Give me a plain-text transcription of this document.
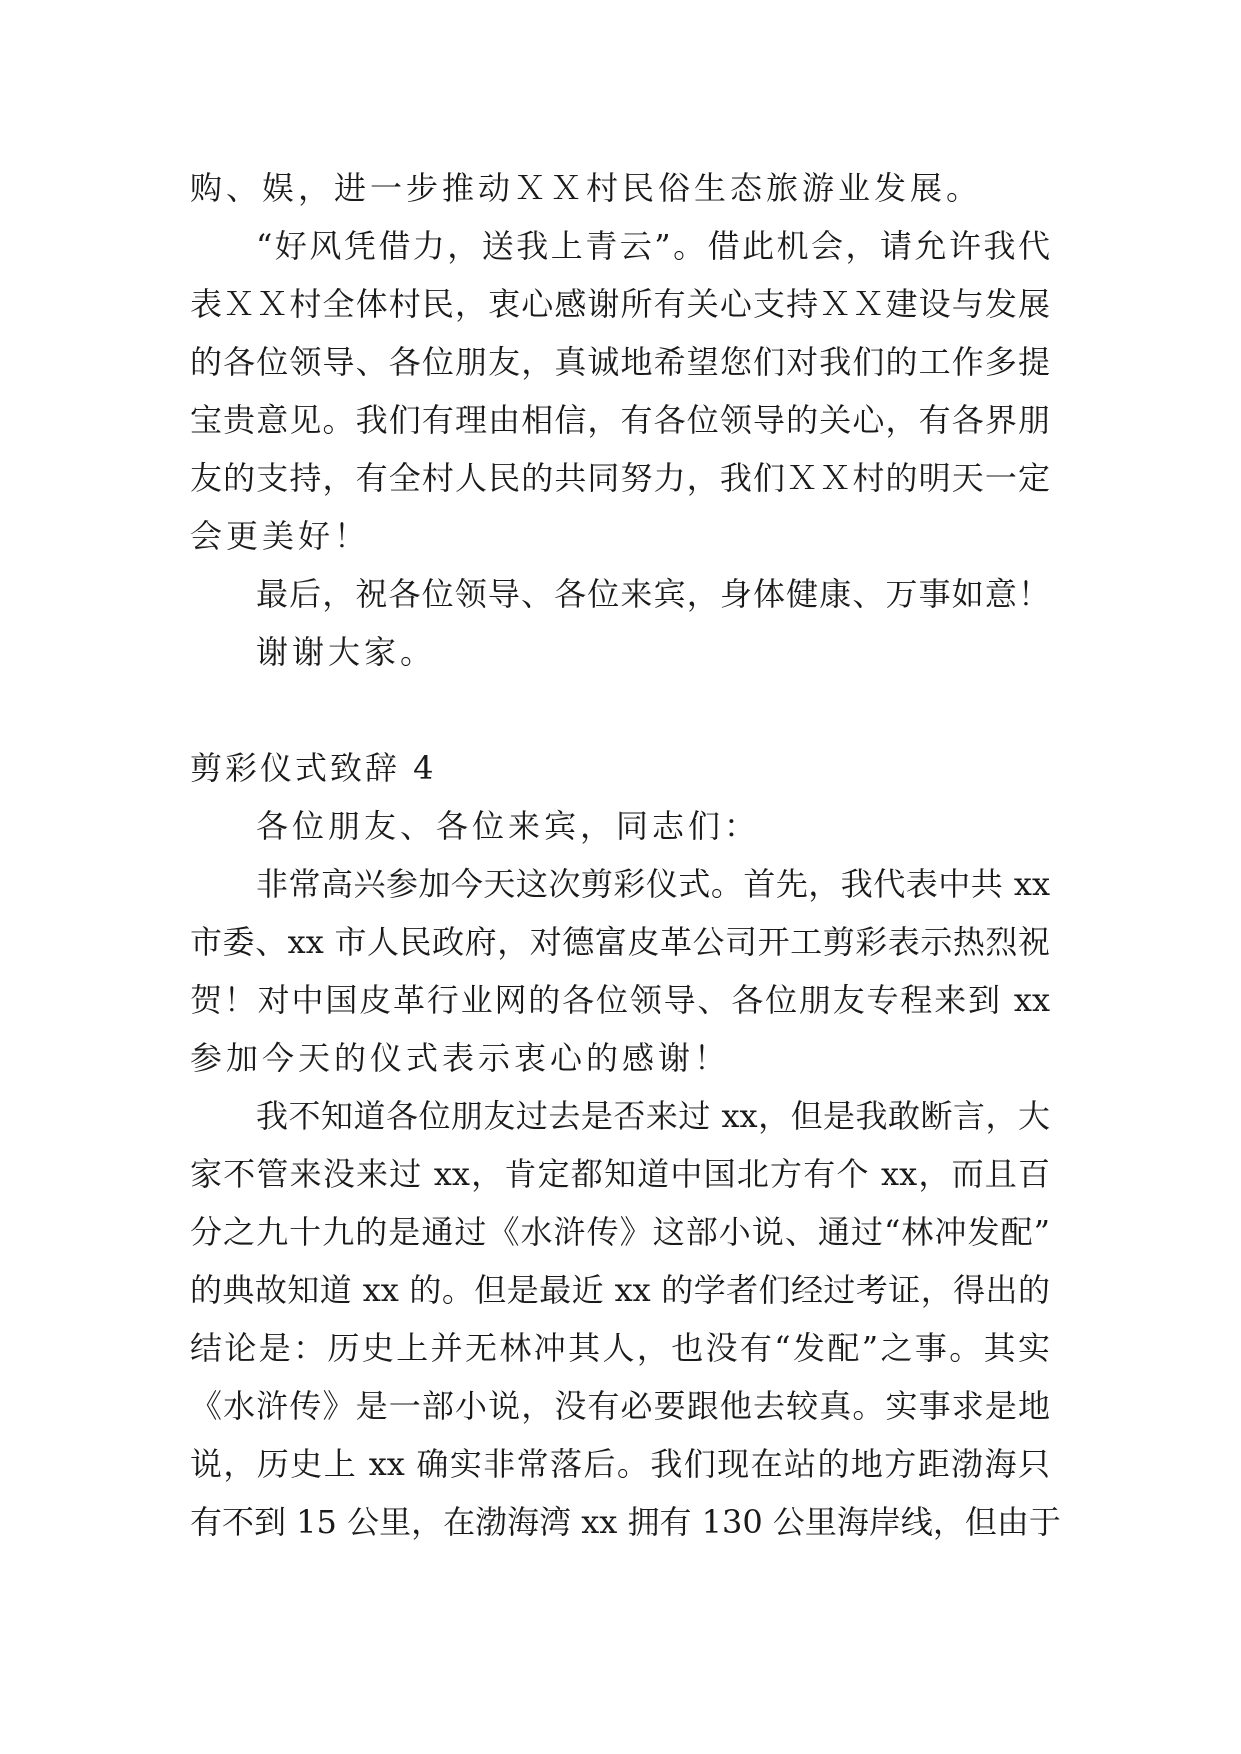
购、娱，进一步推动ＸＸ村民俗生态旅游业发展。
“好风凭借力，送我上青云”。借此机会，请允许我代
表ＸＸ村全体村民，衷心感谢所有关心支持ＸＸ建设与发展
的各位领导、各位朋友，真诚地希望您们对我们的工作多提
宝贵意见。我们有理由相信，有各位领导的关心，有各界朋
友的支持，有全村人民的共同努力，我们ＸＸ村的明天一定
会更美好！
最后，祝各位领导、各位来宾，身体健康、万事如意！
谢谢大家。
剪彩仪式致辞 4
各位朋友、各位来宾，同志们：
非常高兴参加今天这次剪彩仪式。首先，我代表中共 xx
市委、xx 市人民政府，对德富皮革公司开工剪彩表示热烈祝
贺！对中国皮革行业网的各位领导、各位朋友专程来到 xx
参加今天的仪式表示衷心的感谢！
我不知道各位朋友过去是否来过 xx，但是我敢断言，大
家不管来没来过 xx，肯定都知道中国北方有个 xx，而且百
分之九十九的是通过《水浒传》这部小说、通过“林冲发配”
的典故知道 xx 的。但是最近 xx 的学者们经过考证，得出的
结论是：历史上并无林冲其人，也没有“发配”之事。其实
《水浒传》是一部小说，没有必要跟他去较真。实事求是地
说，历史上 xx 确实非常落后。我们现在站的地方距渤海只
有不到 15 公里，在渤海湾 xx 拥有 130 公里海岸线，但由于
